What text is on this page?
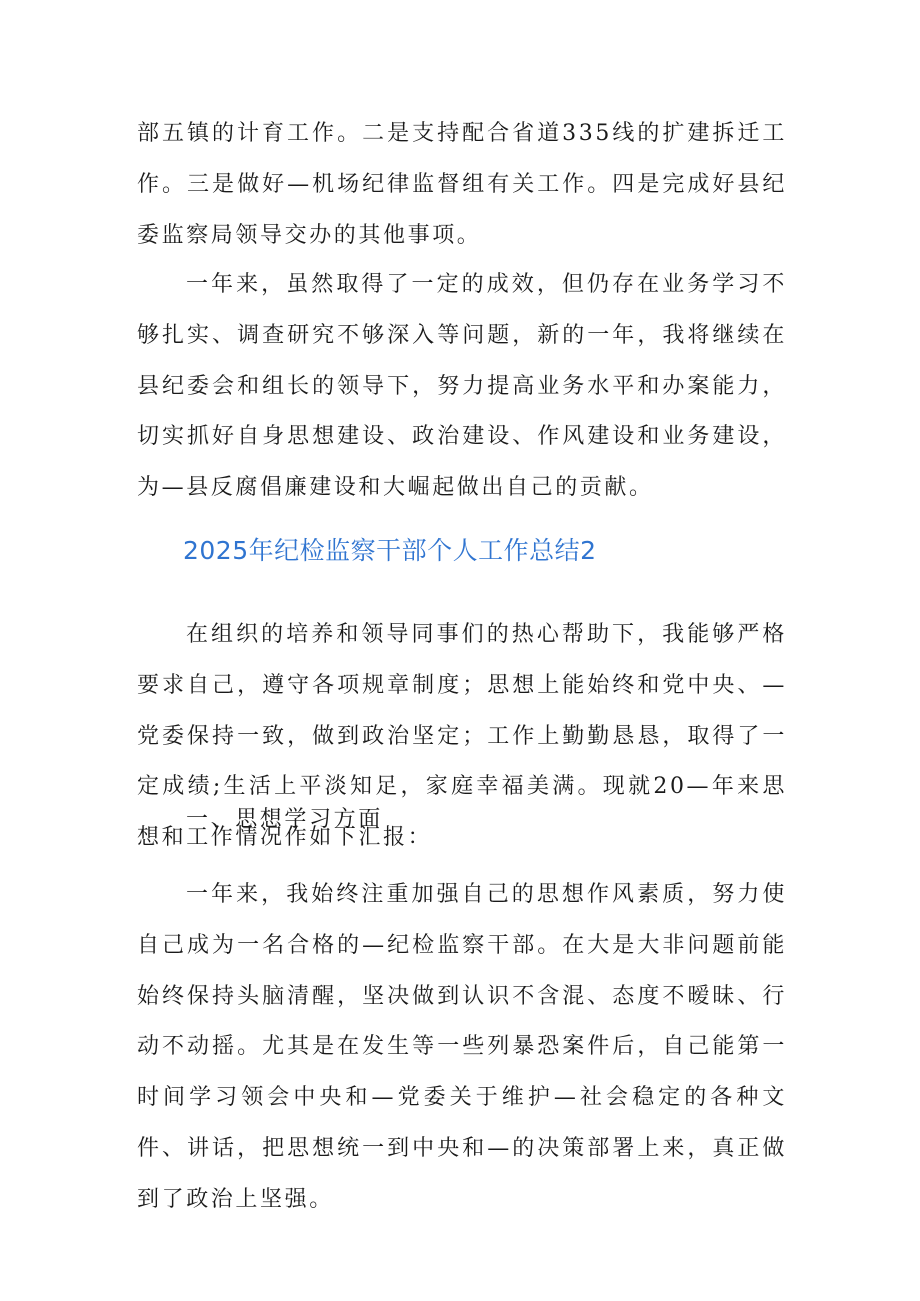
部五镇的计育工作。二是支持配合省道335线的扩建拆迁工作。三是做好—机场纪律监督组有关工作。四是完成好县纪委监察局领导交办的其他事项。

一年来，虽然取得了一定的成效，但仍存在业务学习不够扎实、调查研究不够深入等问题，新的一年，我将继续在县纪委会和组长的领导下，努力提高业务水平和办案能力，切实抓好自身思想建设、政治建设、作风建设和业务建设，为—县反腐倡廉建设和大崛起做出自己的贡献。

2025年纪检监察干部个人工作总结2

在组织的培养和领导同事们的热心帮助下，我能够严格要求自己，遵守各项规章制度；思想上能始终和党中央、—党委保持一致，做到政治坚定；工作上勤勤恳恳，取得了一定成绩;生活上平淡知足，家庭幸福美满。现就20—年来思想和工作情况作如下汇报：

一、思想学习方面

一年来，我始终注重加强自己的思想作风素质，努力使自己成为一名合格的—纪检监察干部。在大是大非问题前能始终保持头脑清醒，坚决做到认识不含混、态度不暧昧、行动不动摇。尤其是在发生等一些列暴恐案件后，自己能第一时间学习领会中央和—党委关于维护—社会稳定的各种文件、讲话，把思想统一到中央和—的决策部署上来，真正做到了政治上坚强。
